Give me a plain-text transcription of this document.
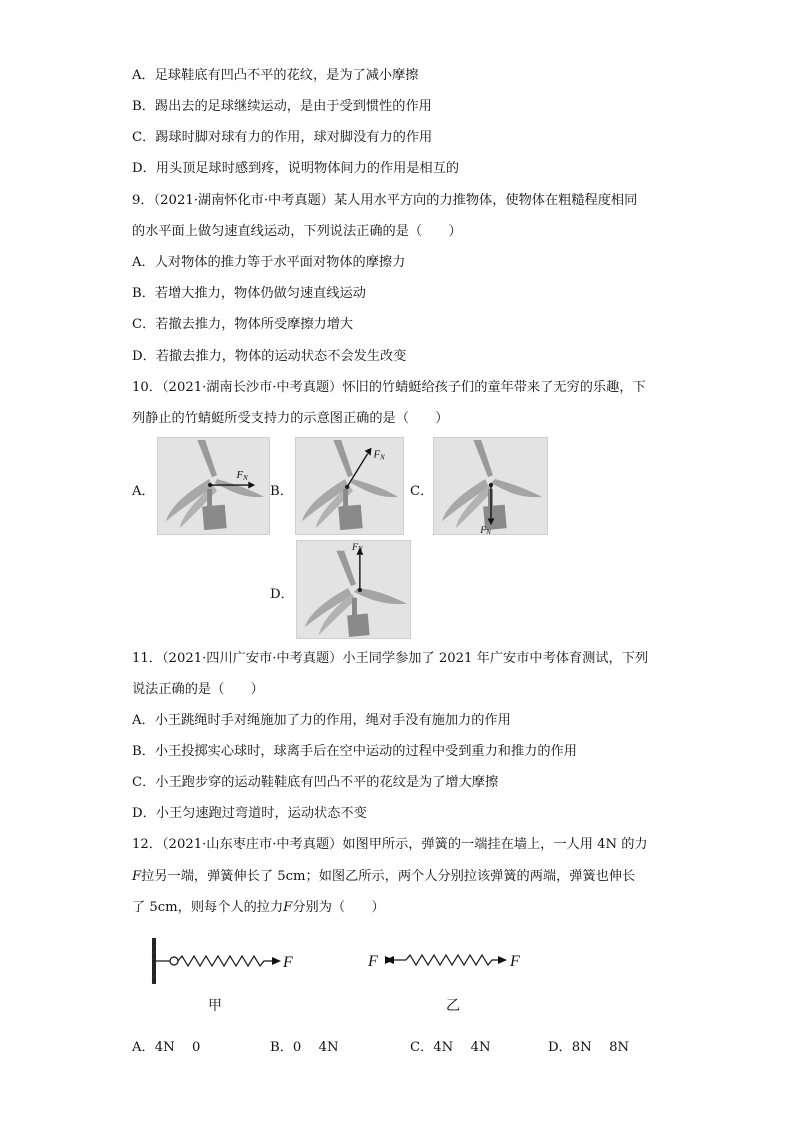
A．足球鞋底有凹凸不平的花纹，是为了减小摩擦
B．踢出去的足球继续运动，是由于受到惯性的作用
C．踢球时脚对球有力的作用，球对脚没有力的作用
D．用头顶足球时感到疼，说明物体间力的作用是相互的
9．（2021·湖南怀化市·中考真题）某人用水平方向的力推物体，使物体在粗糙程度相同
的水平面上做匀速直线运动，下列说法正确的是（　　）
A．人对物体的推力等于水平面对物体的摩擦力
B．若增大推力，物体仍做匀速直线运动
C．若撤去推力，物体所受摩擦力增大
D．若撤去推力，物体的运动状态不会发生改变
10．（2021·湖南长沙市·中考真题）怀旧的竹蜻蜓给孩子们的童年带来了无穷的乐趣，下
列静止的竹蜻蜓所受支持力的示意图正确的是（　　）
A．
FN
B．
FN
C．
FN
D．
FN
11．（2021·四川广安市·中考真题）小王同学参加了 2021 年广安市中考体育测试，下列
说法正确的是（　　）
A．小王跳绳时手对绳施加了力的作用，绳对手没有施加力的作用
B．小王投掷实心球时，球离手后在空中运动的过程中受到重力和推力的作用
C．小王跑步穿的运动鞋鞋底有凹凸不平的花纹是为了增大摩擦
D．小王匀速跑过弯道时，运动状态不变
12．（2021·山东枣庄市·中考真题）如图甲所示，弹簧的一端挂在墙上，一人用 4N 的力
F拉另一端，弹簧伸长了 5cm；如图乙所示，两个人分别拉该弹簧的两端，弹簧也伸长
了 5cm，则每个人的拉力F分别为（　　）
F
甲
F	F
乙
A．4N　 0	B．0　 4N	C．4N　 4N	D．8N　 8N
